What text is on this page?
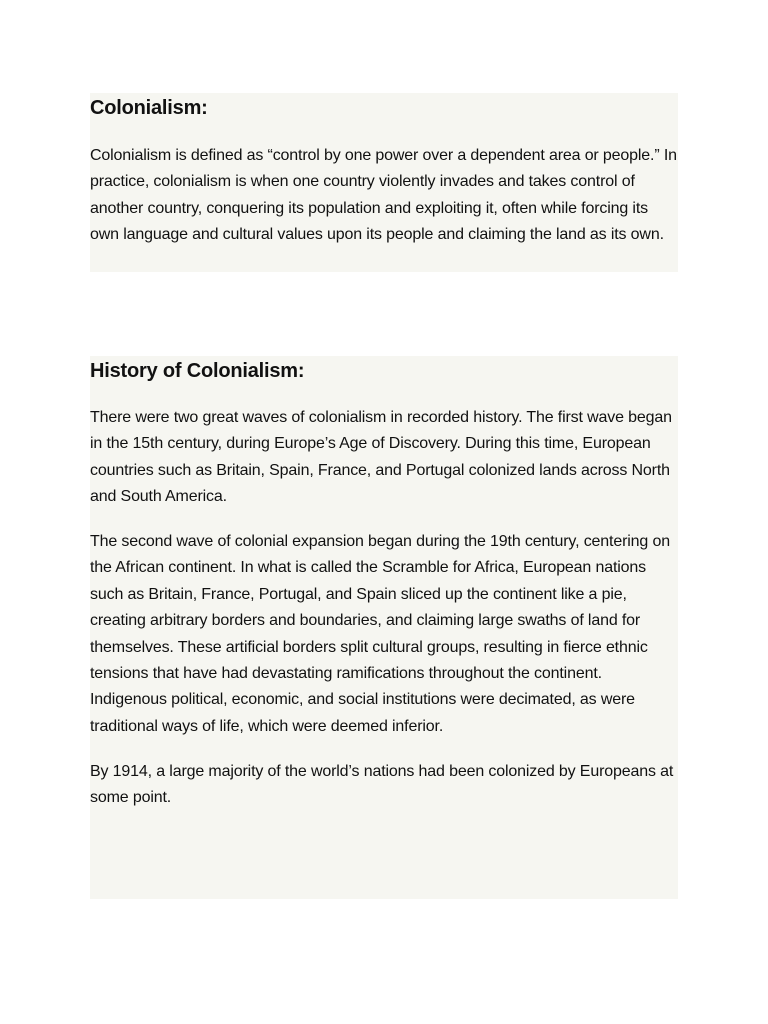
Colonialism:

Colonialism is defined as “control by one power over a dependent area or people.” In practice, colonialism is when one country violently invades and takes control of another country, conquering its population and exploiting it, often while forcing its own language and cultural values upon its people and claiming the land as its own.

History of Colonialism:

There were two great waves of colonialism in recorded history. The first wave began in the 15th century, during Europe’s Age of Discovery. During this time, European countries such as Britain, Spain, France, and Portugal colonized lands across North and South America.

The second wave of colonial expansion began during the 19th century, centering on the African continent. In what is called the Scramble for Africa, European nations such as Britain, France, Portugal, and Spain sliced up the continent like a pie, creating arbitrary borders and boundaries, and claiming large swaths of land for themselves. These artificial borders split cultural groups, resulting in fierce ethnic tensions that have had devastating ramifications throughout the continent. Indigenous political, economic, and social institutions were decimated, as were traditional ways of life, which were deemed inferior.

By 1914, a large majority of the world’s nations had been colonized by Europeans at some point.
